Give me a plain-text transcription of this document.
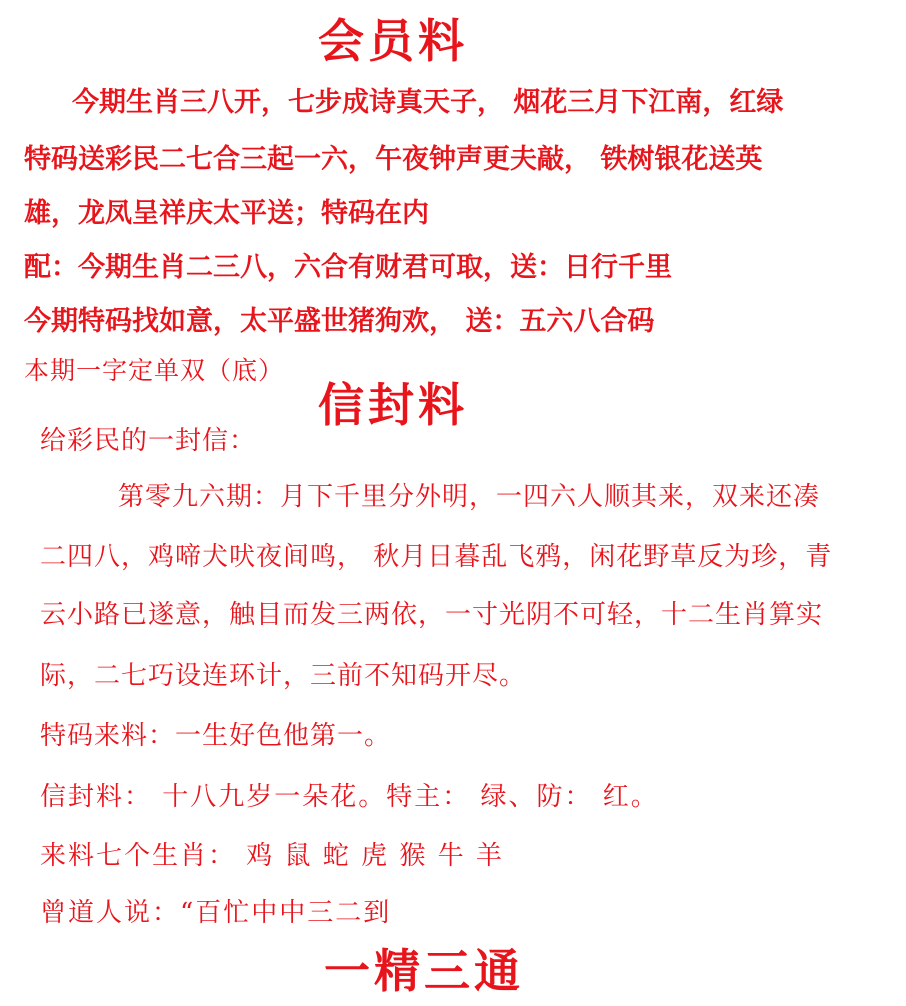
会员料
今期生肖三八开，七步成诗真天子， 烟花三月下江南，红绿
特码送彩民二七合三起一六，午夜钟声更夫敲， 铁树银花送英
雄，龙凤呈祥庆太平送；特码在内
配：今期生肖二三八，六合有财君可取，送：日行千里
今期特码找如意，太平盛世猪狗欢， 送：五六八合码
本期一字定单双（底）
信封料
给彩民的一封信：
第零九六期：月下千里分外明，一四六人顺其来，双来还凑
二四八，鸡啼犬吠夜间鸣， 秋月日暮乱飞鸦，闲花野草反为珍，青
云小路已遂意，触目而发三两依，一寸光阴不可轻，十二生肖算实
际，二七巧设连环计，三前不知码开尽。
特码来料：一生好色他第一。
信封料： 十八九岁一朵花。特主： 绿、防： 红。
来料七个生肖： 鸡 鼠 蛇 虎 猴 牛 羊
曾道人说：“百忙中中三二到
一精三通
